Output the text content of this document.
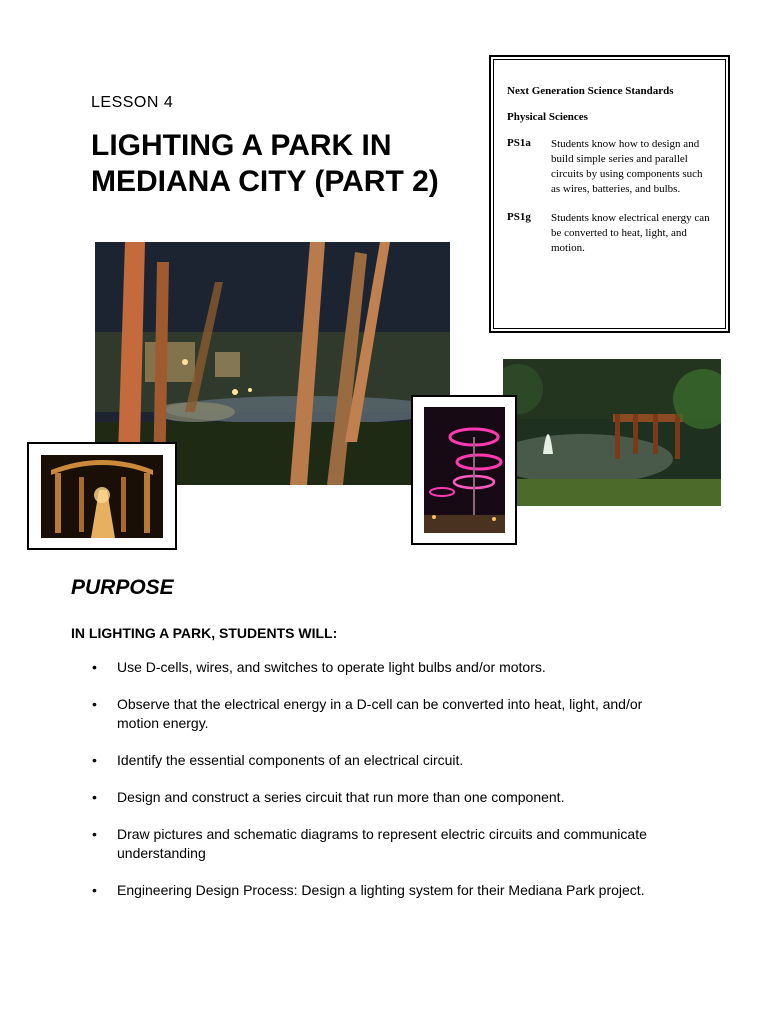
LESSON 4
LIGHTING A PARK IN
MEDIANA CITY (PART 2)
Next Generation Science Standards
Physical Sciences
PS1a	Students know how to design and build simple series and parallel circuits by using components such as wires, batteries, and bulbs.
PS1g	Students know electrical energy can be converted to heat, light, and motion.
PURPOSE
IN LIGHTING A PARK, STUDENTS WILL:
• Use D-cells, wires, and switches to operate light bulbs and/or motors.
• Observe that the electrical energy in a D-cell can be converted into heat, light, and/or motion energy.
• Identify the essential components of an electrical circuit.
• Design and construct a series circuit that run more than one component.
• Draw pictures and schematic diagrams to represent electric circuits and communicate understanding
• Engineering Design Process: Design a lighting system for their Mediana Park project.
